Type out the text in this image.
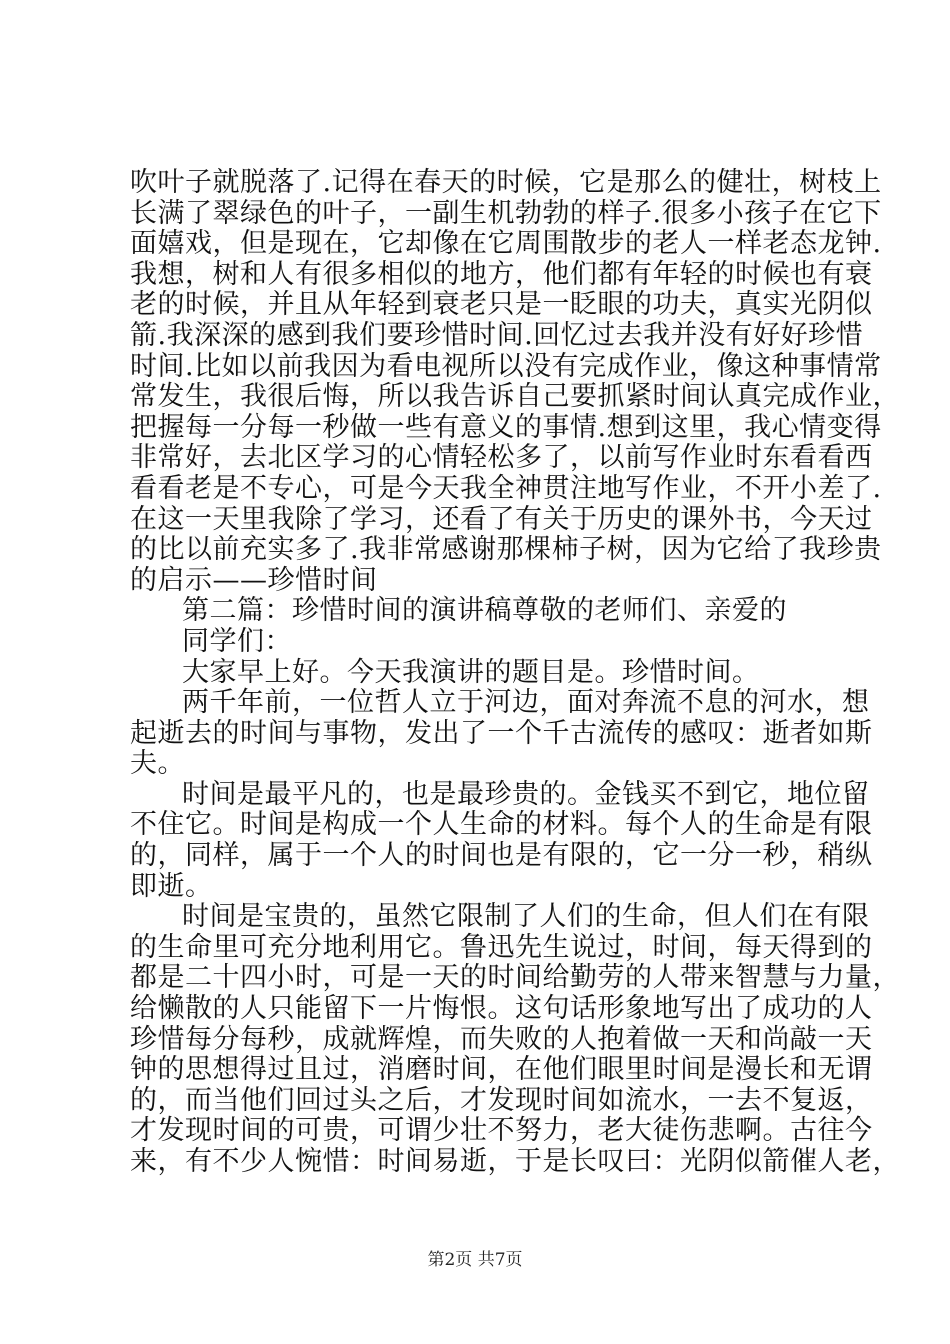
吹叶子就脱落了.记得在春天的时候，它是那么的健壮，树枝上
长满了翠绿色的叶子，一副生机勃勃的样子.很多小孩子在它下
面嬉戏，但是现在，它却像在它周围散步的老人一样老态龙钟.
我想，树和人有很多相似的地方，他们都有年轻的时候也有衰
老的时候，并且从年轻到衰老只是一眨眼的功夫，真实光阴似
箭.我深深的感到我们要珍惜时间.回忆过去我并没有好好珍惜
时间.比如以前我因为看电视所以没有完成作业，像这种事情常
常发生，我很后悔，所以我告诉自己要抓紧时间认真完成作业，
把握每一分每一秒做一些有意义的事情.想到这里，我心情变得
非常好，去北区学习的心情轻松多了，以前写作业时东看看西
看看老是不专心，可是今天我全神贯注地写作业，不开小差了.
在这一天里我除了学习，还看了有关于历史的课外书，今天过
的比以前充实多了.我非常感谢那棵柿子树，因为它给了我珍贵
的启示——珍惜时间
第二篇：珍惜时间的演讲稿尊敬的老师们、亲爱的
同学们：
大家早上好。今天我演讲的题目是。珍惜时间。
两千年前，一位哲人立于河边，面对奔流不息的河水，想
起逝去的时间与事物，发出了一个千古流传的感叹：逝者如斯
夫。
时间是最平凡的，也是最珍贵的。金钱买不到它，地位留
不住它。时间是构成一个人生命的材料。每个人的生命是有限
的，同样，属于一个人的时间也是有限的，它一分一秒，稍纵
即逝。
时间是宝贵的，虽然它限制了人们的生命，但人们在有限
的生命里可充分地利用它。鲁迅先生说过，时间，每天得到的
都是二十四小时，可是一天的时间给勤劳的人带来智慧与力量，
给懒散的人只能留下一片悔恨。这句话形象地写出了成功的人
珍惜每分每秒，成就辉煌，而失败的人抱着做一天和尚敲一天
钟的思想得过且过，消磨时间，在他们眼里时间是漫长和无谓
的，而当他们回过头之后，才发现时间如流水，一去不复返，
才发现时间的可贵，可谓少壮不努力，老大徒伤悲啊。古往今
来，有不少人惋惜：时间易逝，于是长叹曰：光阴似箭催人老，
第2页 共7页
